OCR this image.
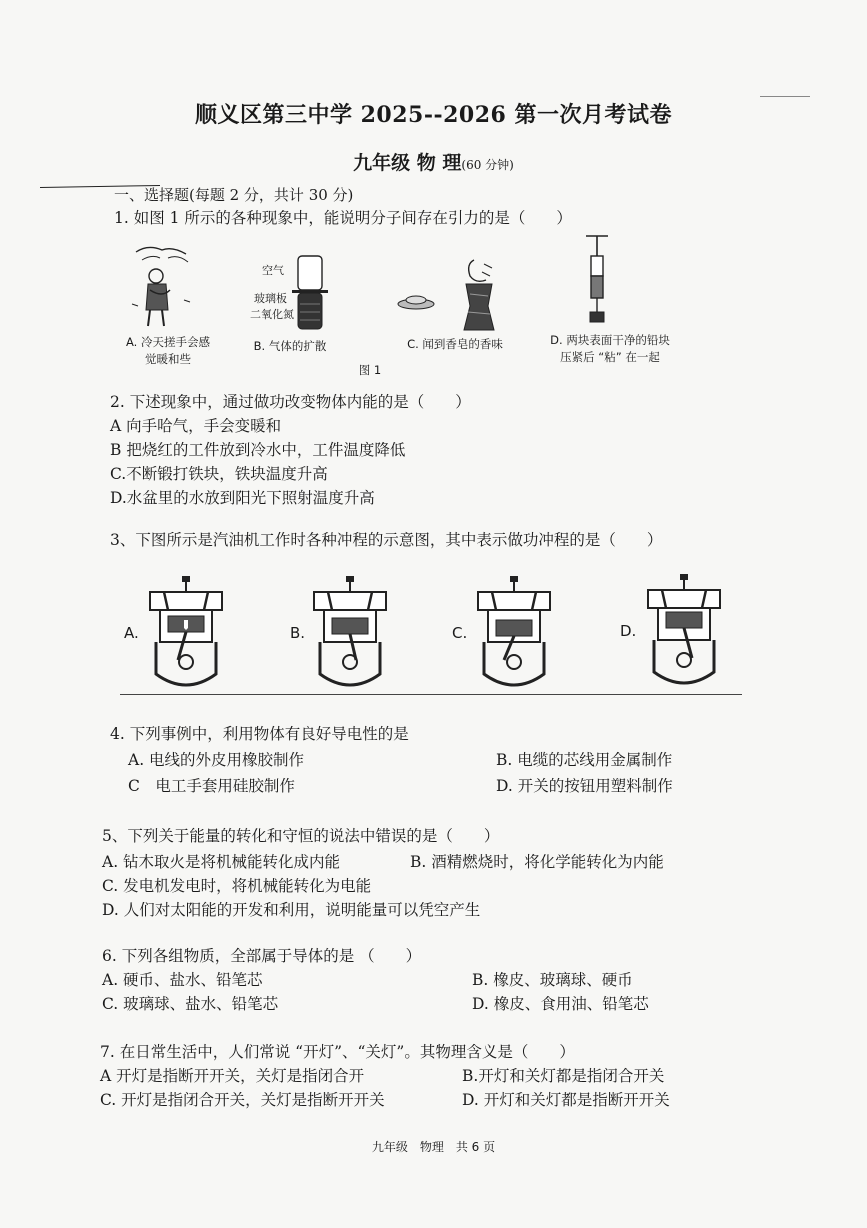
顺义区第三中学 2025--2026 第一次月考试卷
九年级 物 理(60 分钟)
一、选择题(每题 2 分，共计 30 分)
1. 如图 1 所示的各种现象中，能说明分子间存在引力的是（　　）
空气
玻璃板
二氧化氮
A. 冷天搓手会感
觉暖和些
B. 气体的扩散	C. 闻到香皂的香味	D. 两块表面干净的铅块
压紧后 “粘” 在一起
图 1
2. 下述现象中，通过做功改变物体内能的是（　　）
A 向手哈气，手会变暖和
B 把烧红的工件放到冷水中，工件温度降低
C.不断锻打铁块，铁块温度升高
D.水盆里的水放到阳光下照射温度升高
3、下图所示是汽油机工作时各种冲程的示意图，其中表示做功冲程的是（　　）
A.	B.	C.	D.
4. 下列事例中，利用物体有良好导电性的是
A. 电线的外皮用橡胶制作	B. 电缆的芯线用金属制作
C　电工手套用硅胶制作	D. 开关的按钮用塑料制作
5、下列关于能量的转化和守恒的说法中错误的是（　　）
A. 钻木取火是将机械能转化成内能	B. 酒精燃烧时，将化学能转化为内能
C. 发电机发电时，将机械能转化为电能
D. 人们对太阳能的开发和利用，说明能量可以凭空产生
6. 下列各组物质，全部属于导体的是 （　　）
A. 硬币、盐水、铅笔芯	B. 橡皮、玻璃球、硬币
C. 玻璃球、盐水、铅笔芯	D. 橡皮、食用油、铅笔芯
7. 在日常生活中，人们常说 “开灯”、“关灯”。其物理含义是（　　）
A 开灯是指断开开关，关灯是指闭合开	B.开灯和关灯都是指闭合开关
C. 开灯是指闭合开关，关灯是指断开开关	D. 开灯和关灯都是指断开开关
九年级　物理　共 6 页
